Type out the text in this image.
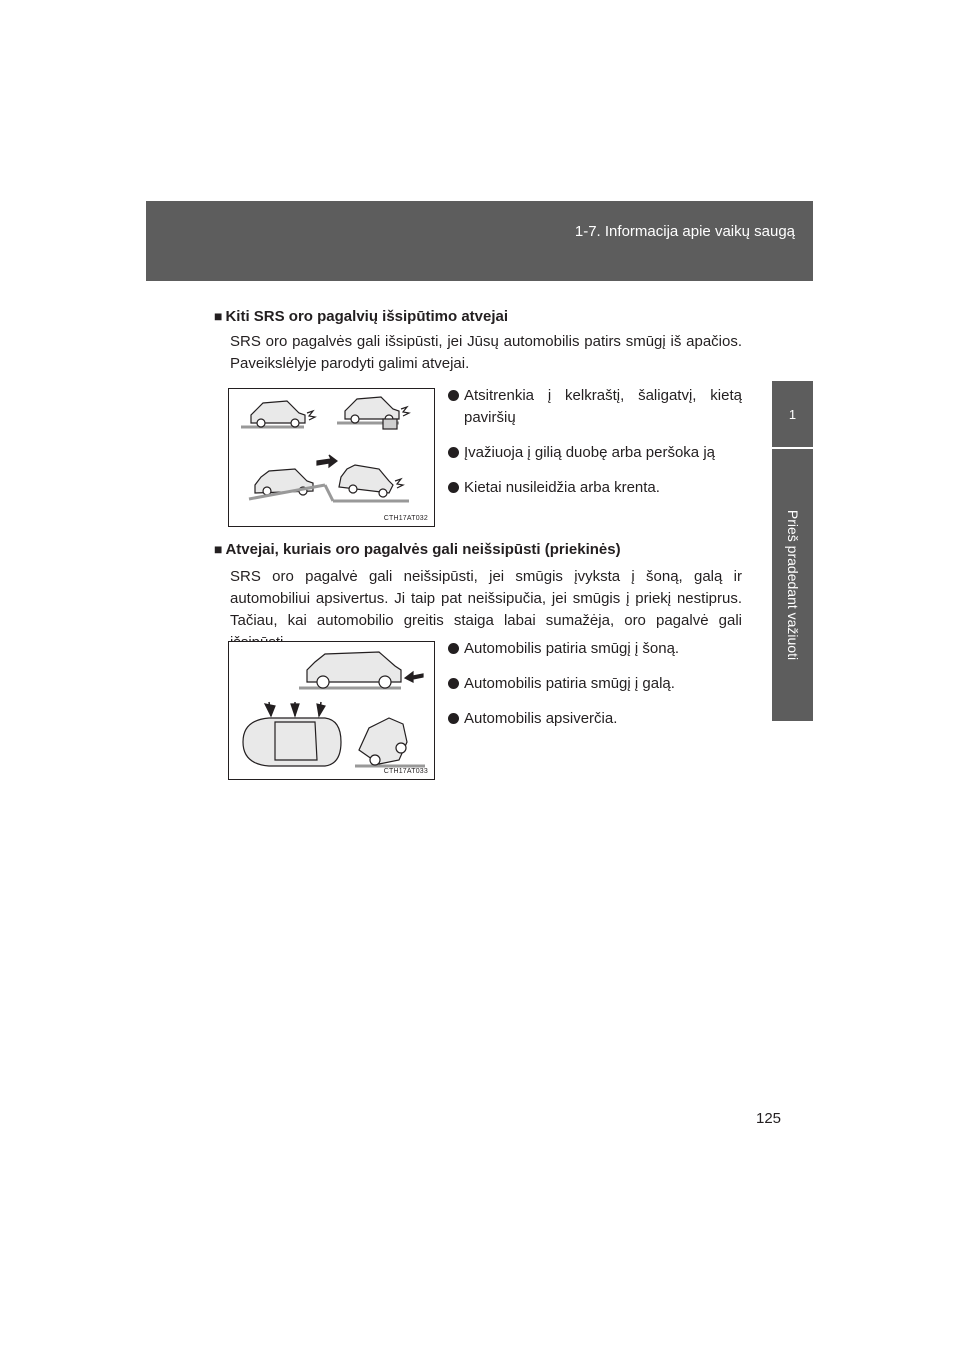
1-7. Informacija apie vaikų saugą
1
Prieš pradedant važiuoti
■ Kiti SRS oro pagalvių išsipūtimo atvejai
SRS oro pagalvės gali išsipūsti, jei Jūsų automobilis patirs smūgį iš apačios. Paveikslėlyje parodyti galimi atvejai.
CTH17AT032
Atsitrenkia į kelkraštį, šaligatvį, kietą paviršių
Įvažiuoja į gilią duobę arba peršoka ją
Kietai nusileidžia arba krenta.
■ Atvejai, kuriais oro pagalvės gali neišsipūsti (priekinės)
SRS oro pagalvė gali neišsipūsti, jei smūgis įvyksta į šoną, galą ir automobiliui apsivertus. Ji taip pat neišsipučia, jei smūgis į priekį nestiprus. Tačiau, kai automobilio greitis staiga labai sumažėja, oro pagalvė gali
CTH17AT033
Automobilis patiria smūgį į šoną.
Automobilis patiria smūgį į galą.
Automobilis apsiverčia.
125
